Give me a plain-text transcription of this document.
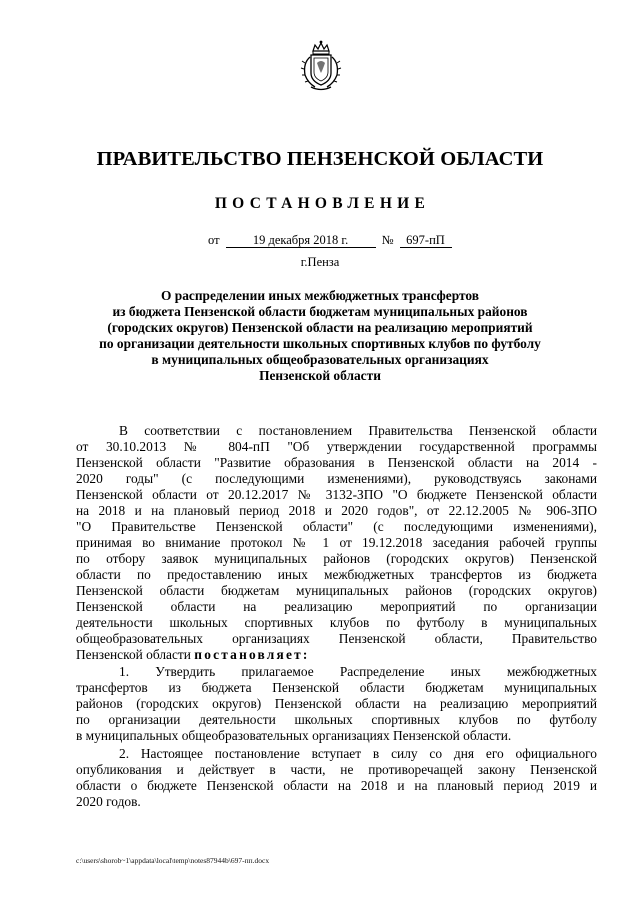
ПРАВИТЕЛЬСТВО ПЕНЗЕНСКОЙ ОБЛАСТИ
ПОСТАНОВЛЕНИЕ
от	19 декабря 2018 г.	№	697-пП
г.Пенза
О распределении иных межбюджетных трансфертов
из бюджета Пензенской области бюджетам муниципальных районов
(городских округов) Пензенской области на реализацию мероприятий
по организации деятельности школьных спортивных клубов по футболу
в муниципальных общеобразовательных организациях
Пензенской области
В соответствии с постановлением Правительства Пензенской области
от 30.10.2013 № 804-пП "Об утверждении государственной программы
Пензенской области "Развитие образования в Пензенской области на 2014 -
2020 годы" (с последующими изменениями), руководствуясь законами
Пензенской области от 20.12.2017 № 3132-ЗПО "О бюджете Пензенской области
на 2018 и на плановый период 2018 и 2020 годов", от 22.12.2005 № 906-ЗПО
"О Правительстве Пензенской области" (с последующими изменениями),
принимая во внимание протокол № 1 от 19.12.2018 заседания рабочей группы
по отбору заявок муниципальных районов (городских округов) Пензенской
области по предоставлению иных межбюджетных трансфертов из бюджета
Пензенской области бюджетам муниципальных районов (городских округов)
Пензенской области на реализацию мероприятий по организации
деятельности школьных спортивных клубов по футболу в муниципальных
общеобразовательных организациях Пензенской области, Правительство
Пензенской области постановляет:
1. Утвердить прилагаемое Распределение иных межбюджетных
трансфертов из бюджета Пензенской области бюджетам муниципальных
районов (городских округов) Пензенской области на реализацию мероприятий
по организации деятельности школьных спортивных клубов по футболу
в муниципальных общеобразовательных организациях Пензенской области.
2. Настоящее постановление вступает в силу со дня его официального
опубликования и действует в части, не противоречащей закону Пензенской
области о бюджете Пензенской области на 2018 и на плановый период 2019 и
2020 годов.
c:\users\shorob~1\appdata\local\temp\notes87944b\697-пп.docx
